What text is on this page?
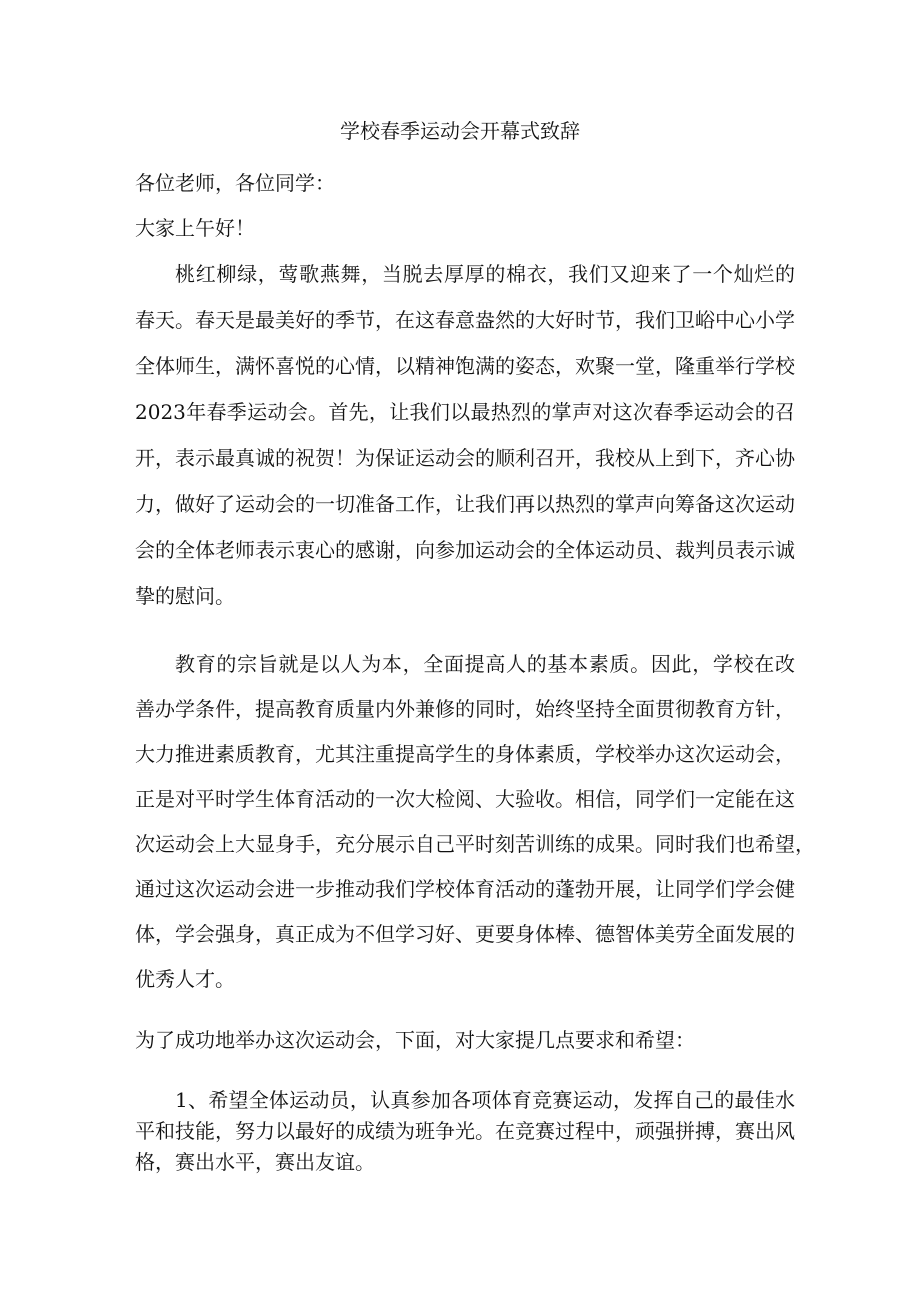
学校春季运动会开幕式致辞
各位老师，各位同学：
大家上午好！
桃红柳绿，莺歌燕舞，当脱去厚厚的棉衣，我们又迎来了一个灿烂的
春天。春天是最美好的季节，在这春意盎然的大好时节，我们卫峪中心小学
全体师生，满怀喜悦的心情，以精神饱满的姿态，欢聚一堂，隆重举行学校
2023年春季运动会。首先，让我们以最热烈的掌声对这次春季运动会的召
开，表示最真诚的祝贺！为保证运动会的顺利召开，我校从上到下，齐心协
力，做好了运动会的一切准备工作，让我们再以热烈的掌声向筹备这次运动
会的全体老师表示衷心的感谢，向参加运动会的全体运动员、裁判员表示诚
挚的慰问。
教育的宗旨就是以人为本，全面提高人的基本素质。因此，学校在改
善办学条件，提高教育质量内外兼修的同时，始终坚持全面贯彻教育方针，
大力推进素质教育，尤其注重提高学生的身体素质，学校举办这次运动会，
正是对平时学生体育活动的一次大检阅、大验收。相信，同学们一定能在这
次运动会上大显身手，充分展示自己平时刻苦训练的成果。同时我们也希望，
通过这次运动会进一步推动我们学校体育活动的蓬勃开展，让同学们学会健
体，学会强身，真正成为不但学习好、更要身体棒、德智体美劳全面发展的
优秀人才。
为了成功地举办这次运动会，下面，对大家提几点要求和希望：
1、希望全体运动员，认真参加各项体育竞赛运动，发挥自己的最佳水
平和技能，努力以最好的成绩为班争光。在竞赛过程中，顽强拼搏，赛出风
格，赛出水平，赛出友谊。
